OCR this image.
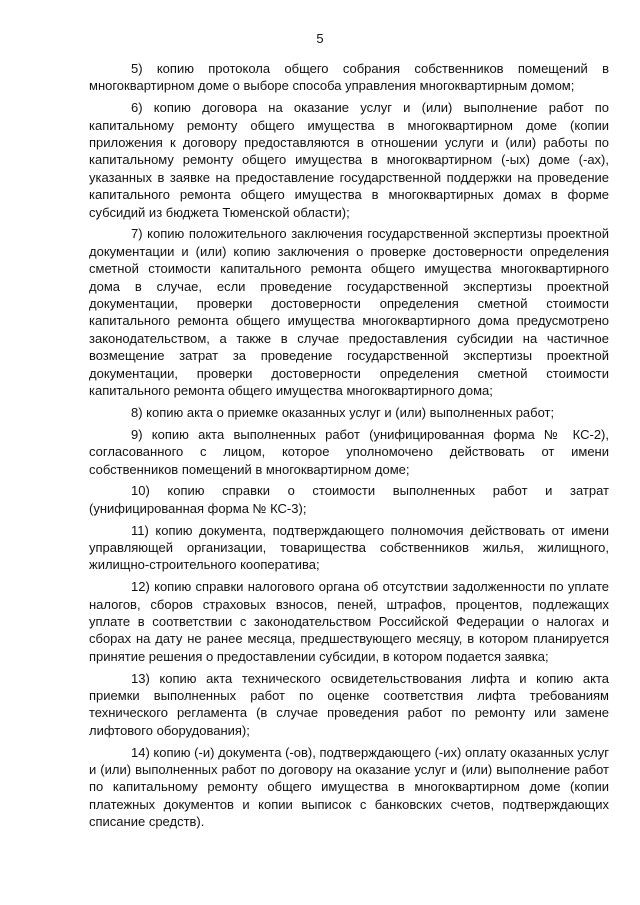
5

5) копию протокола общего собрания собственников помещений в многоквартирном доме о выборе способа управления многоквартирным домом;

6) копию договора на оказание услуг и (или) выполнение работ по капитальному ремонту общего имущества в многоквартирном доме (копии приложения к договору предоставляются в отношении услуги и (или) работы по капитальному ремонту общего имущества в многоквартирном (-ых) доме (-ах), указанных в заявке на предоставление государственной поддержки на проведение капитального ремонта общего имущества в многоквартирных домах в форме субсидий из бюджета Тюменской области);

7) копию положительного заключения государственной экспертизы проектной документации и (или) копию заключения о проверке достоверности определения сметной стоимости капитального ремонта общего имущества многоквартирного дома в случае, если проведение государственной экспертизы проектной документации, проверки достоверности определения сметной стоимости капитального ремонта общего имущества многоквартирного дома предусмотрено законодательством, а также в случае предоставления субсидии на частичное возмещение затрат за проведение государственной экспертизы проектной документации, проверки достоверности определения сметной стоимости капитального ремонта общего имущества многоквартирного дома;

8) копию акта о приемке оказанных услуг и (или) выполненных работ;

9) копию акта выполненных работ (унифицированная форма № КС-2), согласованного с лицом, которое уполномочено действовать от имени собственников помещений в многоквартирном доме;

10) копию справки о стоимости выполненных работ и затрат (унифицированная форма № КС-3);

11) копию документа, подтверждающего полномочия действовать от имени управляющей организации, товарищества собственников жилья, жилищного, жилищно-строительного кооператива;

12) копию справки налогового органа об отсутствии задолженности по уплате налогов, сборов страховых взносов, пеней, штрафов, процентов, подлежащих уплате в соответствии с законодательством Российской Федерации о налогах и сборах на дату не ранее месяца, предшествующего месяцу, в котором планируется принятие решения о предоставлении субсидии, в котором подается заявка;

13) копию акта технического освидетельствования лифта и копию акта приемки выполненных работ по оценке соответствия лифта требованиям технического регламента (в случае проведения работ по ремонту или замене лифтового оборудования);

14) копию (-и) документа (-ов), подтверждающего (-их) оплату оказанных услуг и (или) выполненных работ по договору на оказание услуг и (или) выполнение работ по капитальному ремонту общего имущества в многоквартирном доме (копии платежных документов и копии выписок с банковских счетов, подтверждающих списание средств).
